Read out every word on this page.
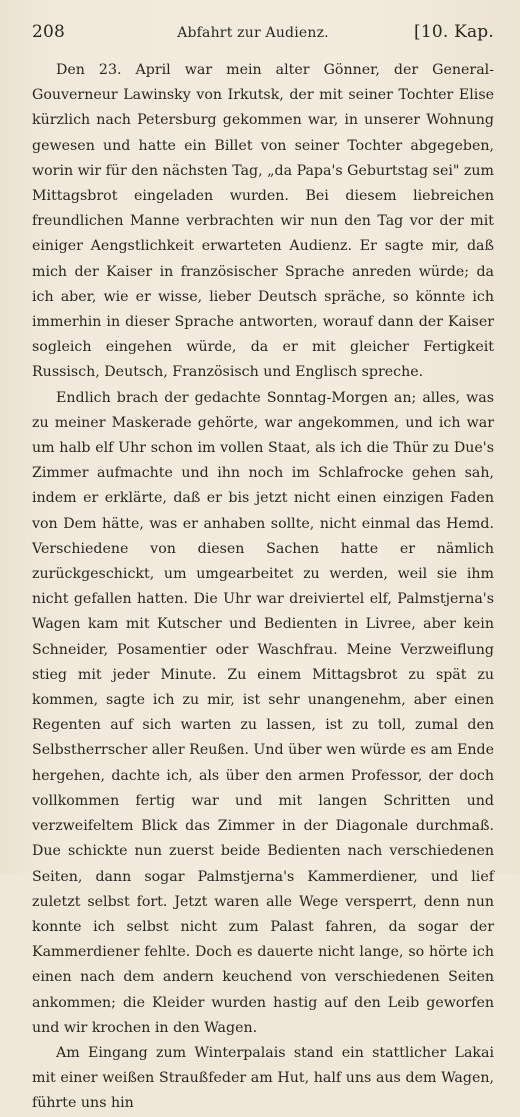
208	Abfahrt zur Audienz.	[10. Kap.

Den 23. April war mein alter Gönner, der General-Gouverneur Lawinsky von Irkutsk, der mit seiner Tochter Elise kürzlich nach Petersburg gekommen war, in unserer Wohnung gewesen und hatte ein Billet von seiner Tochter abgegeben, worin wir für den nächsten Tag, „da Papa's Geburtstag sei" zum Mittagsbrot eingeladen wurden. Bei diesem liebreichen freundlichen Manne verbrachten wir nun den Tag vor der mit einiger Aengstlichkeit erwarteten Audienz. Er sagte mir, daß mich der Kaiser in französischer Sprache anreden würde; da ich aber, wie er wisse, lieber Deutsch spräche, so könnte ich immerhin in dieser Sprache antworten, worauf dann der Kaiser sogleich eingehen würde, da er mit gleicher Fertigkeit Russisch, Deutsch, Französisch und Englisch spreche.

Endlich brach der gedachte Sonntag-Morgen an; alles, was zu meiner Maskerade gehörte, war angekommen, und ich war um halb elf Uhr schon im vollen Staat, als ich die Thür zu Due's Zimmer aufmachte und ihn noch im Schlafrocke gehen sah, indem er erklärte, daß er bis jetzt nicht einen einzigen Faden von Dem hätte, was er anhaben sollte, nicht einmal das Hemd. Verschiedene von diesen Sachen hatte er nämlich zurückgeschickt, um umgearbeitet zu werden, weil sie ihm nicht gefallen hatten. Die Uhr war dreiviertel elf, Palmstjerna's Wagen kam mit Kutscher und Bedienten in Livree, aber kein Schneider, Posamentier oder Waschfrau. Meine Verzweiflung stieg mit jeder Minute. Zu einem Mittagsbrot zu spät zu kommen, sagte ich zu mir, ist sehr unangenehm, aber einen Regenten auf sich warten zu lassen, ist zu toll, zumal den Selbstherrscher aller Reußen. Und über wen würde es am Ende hergehen, dachte ich, als über den armen Professor, der doch vollkommen fertig war und mit langen Schritten und verzweifeltem Blick das Zimmer in der Diagonale durchmaß. Due schickte nun zuerst beide Bedienten nach verschiedenen Seiten, dann sogar Palmstjerna's Kammerdiener, und lief zuletzt selbst fort. Jetzt waren alle Wege versperrt, denn nun konnte ich selbst nicht zum Palast fahren, da sogar der Kammerdiener fehlte. Doch es dauerte nicht lange, so hörte ich einen nach dem andern keuchend von verschiedenen Seiten ankommen; die Kleider wurden hastig auf den Leib geworfen und wir krochen in den Wagen.

Am Eingang zum Winterpalais stand ein stattlicher Lakai mit einer weißen Straußfeder am Hut, half uns aus dem Wagen, führte uns hin
